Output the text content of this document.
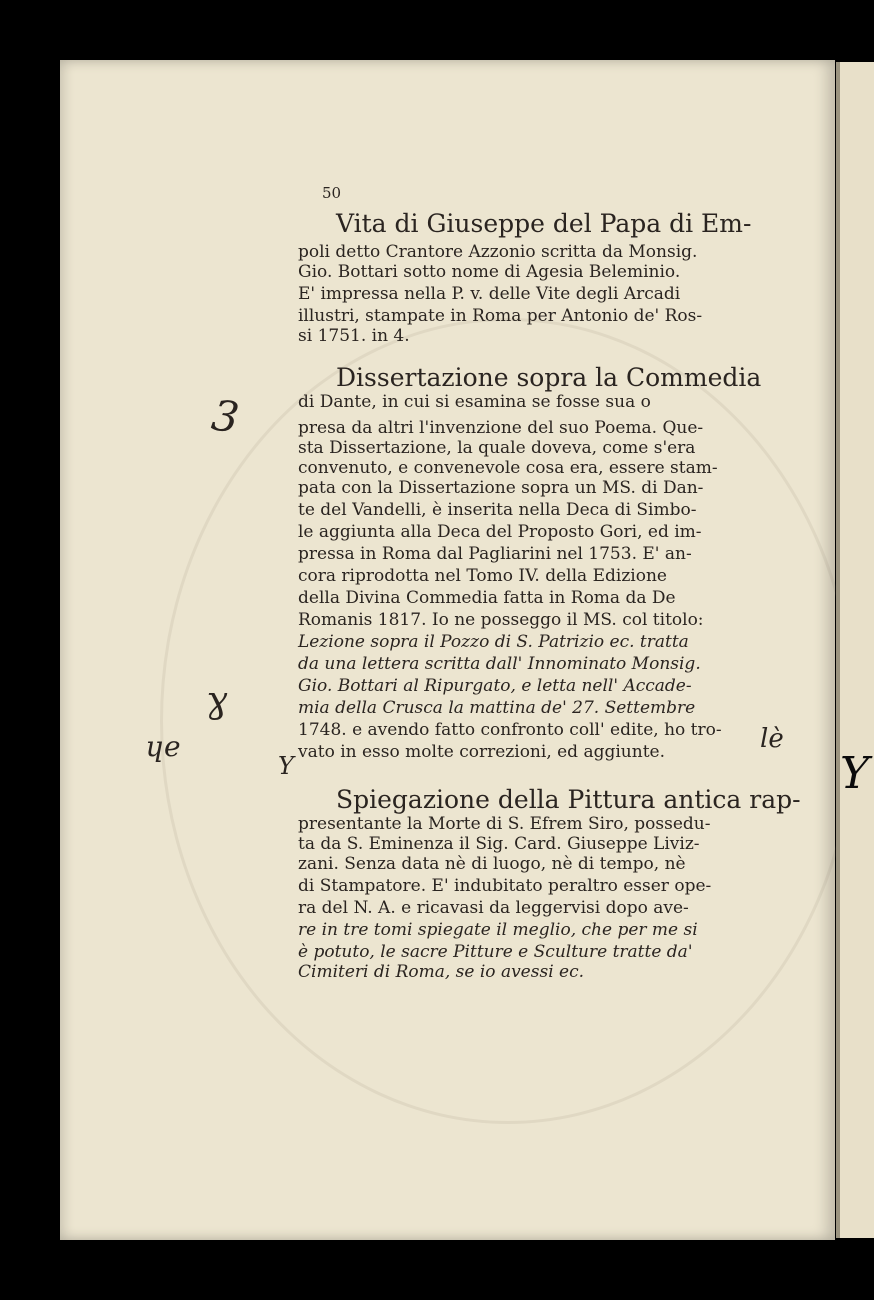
50
Vita di Giuseppe del Papa di Em-
poli detto Crantore Azzonio scritta da Monsig.
Gio. Bottari sotto nome di Agesia Beleminio.
E' impressa nella P. v. delle Vite degli Arcadi
illustri, stampate in Roma per Antonio de' Ros-
si 1751. in 4.
Dissertazione sopra la Commedia
di Dante, in cui si esamina se fosse sua o
presa da altri l'invenzione del suo Poema. Que-
sta Dissertazione, la quale doveva, come s'era
convenuto, e convenevole cosa era, essere stam-
pata con la Dissertazione sopra un MS. di Dan-
te del Vandelli, è inserita nella Deca di Simbo-
le aggiunta alla Deca del Proposto Gori, ed im-
pressa in Roma dal Pagliarini nel 1753. E' an-
cora riprodotta nel Tomo IV. della Edizione
della Divina Commedia fatta in Roma da De
Romanis 1817. Io ne posseggo il MS. col titolo:
Lezione sopra il Pozzo di S. Patrizio ec. tratta
da una lettera scritta dall' Innominato Monsig.
Gio. Bottari al Ripurgato, e letta nell' Accade-
mia della Crusca la mattina de' 27. Settembre
1748. e avendo fatto confronto coll' edite, ho tro-
vato in esso molte correzioni, ed aggiunte.
Spiegazione della Pittura antica rap-
presentante la Morte di S. Efrem Siro, possedu-
ta da S. Eminenza il Sig. Card. Giuseppe Liviz-
zani. Senza data nè di luogo, nè di tempo, nè
di Stampatore. E' indubitato peraltro esser ope-
ra del N. A. e ricavasi da leggervisi dopo ave-
re in tre tomi spiegate il meglio, che per me si
è potuto, le sacre Pitture e Sculture tratte da'
Cimiteri di Roma, se io avessi ec.
3
ɣ
ɥe	lè
Y
Y
